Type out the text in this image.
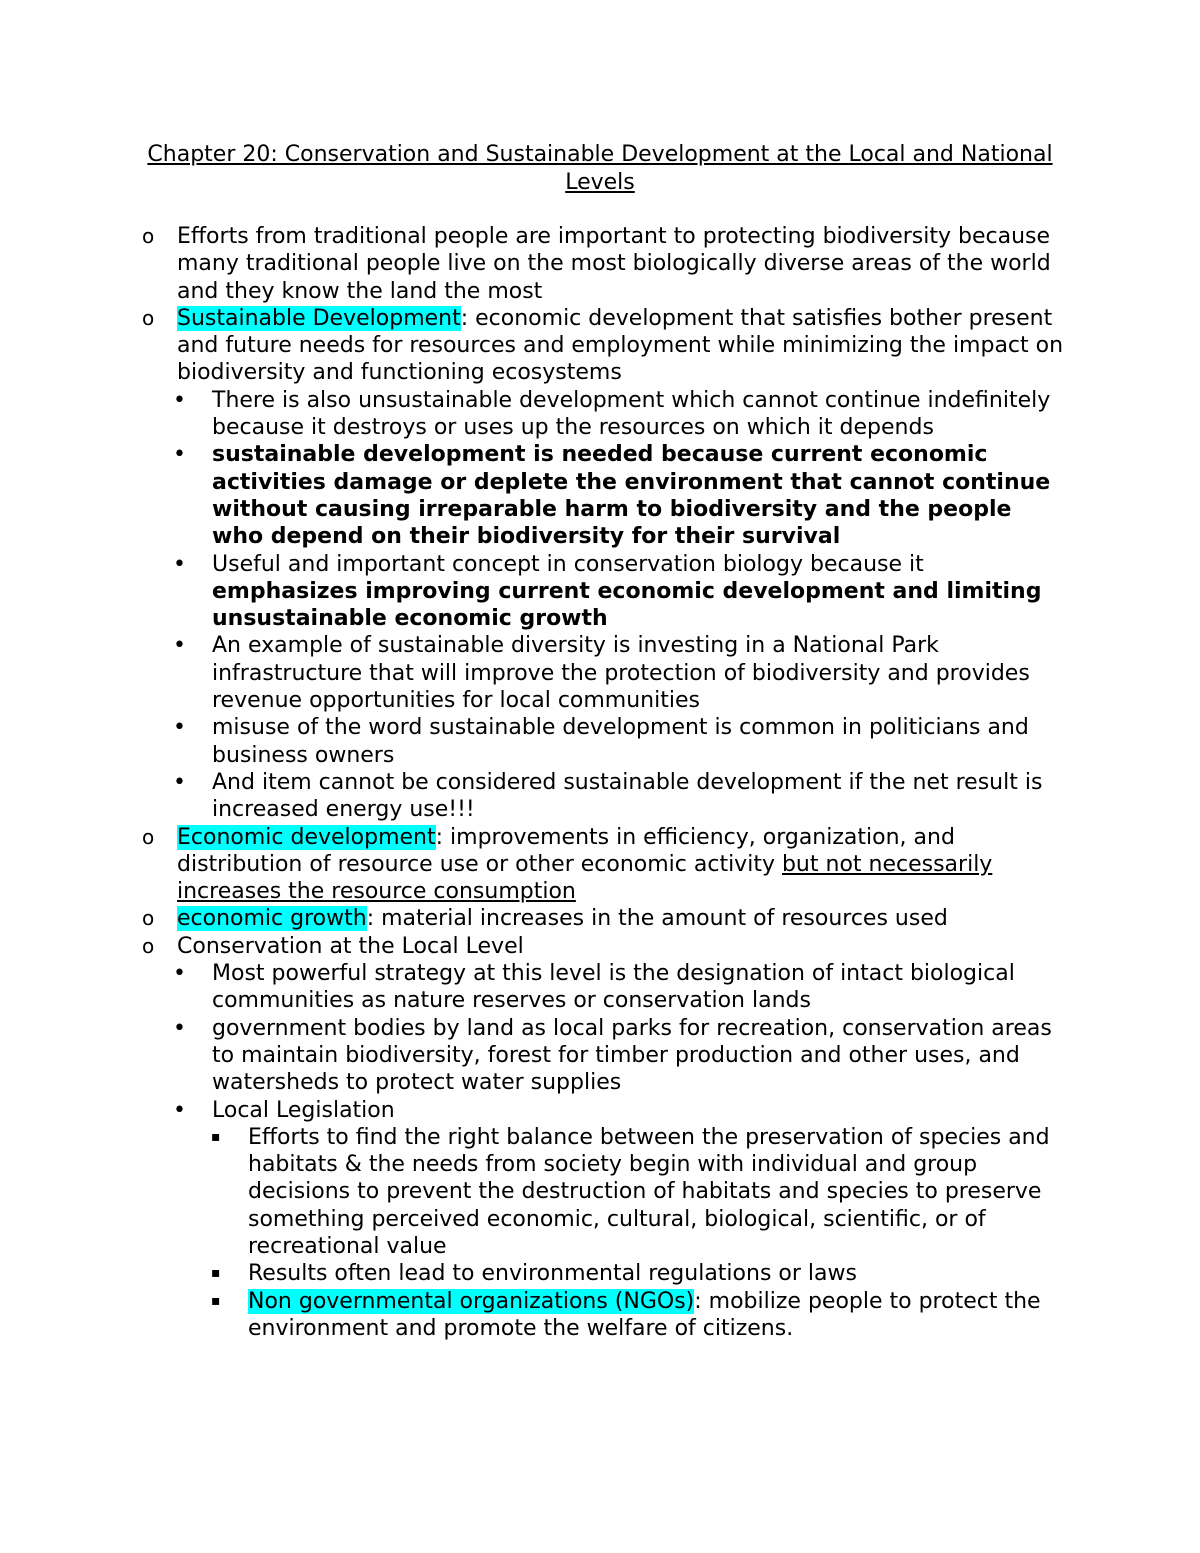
Chapter 20: Conservation and Sustainable Development at the Local and National Levels
o Efforts from traditional people are important to protecting biodiversity because many traditional people live on the most biologically diverse areas of the world and they know the land the most
o Sustainable Development: economic development that satisfies bother present and future needs for resources and employment while minimizing the impact on biodiversity and functioning ecosystems
• There is also unsustainable development which cannot continue indefinitely because it destroys or uses up the resources on which it depends
• sustainable development is needed because current economic activities damage or deplete the environment that cannot continue without causing irreparable harm to biodiversity and the people who depend on their biodiversity for their survival
• Useful and important concept in conservation biology because it emphasizes improving current economic development and limiting unsustainable economic growth
• An example of sustainable diversity is investing in a National Park infrastructure that will improve the protection of biodiversity and provides revenue opportunities for local communities
• misuse of the word sustainable development is common in politicians and business owners
• And item cannot be considered sustainable development if the net result is increased energy use!!!
o Economic development: improvements in efficiency, organization, and distribution of resource use or other economic activity but not necessarily increases the resource consumption
o economic growth: material increases in the amount of resources used
o Conservation at the Local Level
• Most powerful strategy at this level is the designation of intact biological communities as nature reserves or conservation lands
• government bodies by land as local parks for recreation, conservation areas to maintain biodiversity, forest for timber production and other uses, and watersheds to protect water supplies
• Local Legislation
▪ Efforts to find the right balance between the preservation of species and habitats & the needs from society begin with individual and group decisions to prevent the destruction of habitats and species to preserve something perceived economic, cultural, biological, scientific, or of recreational value
▪ Results often lead to environmental regulations or laws
▪ Non governmental organizations (NGOs): mobilize people to protect the environment and promote the welfare of citizens.
